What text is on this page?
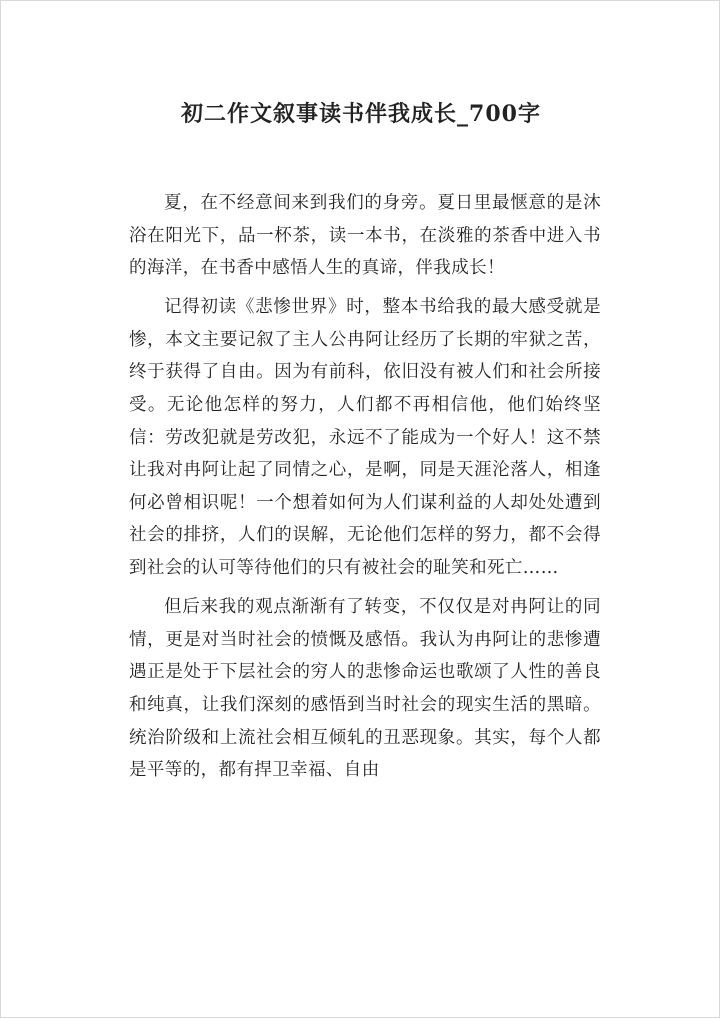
初二作文叙事读书伴我成长_700字

夏，在不经意间来到我们的身旁。夏日里最惬意的是沐浴在阳光下，品一杯茶，读一本书，在淡雅的茶香中进入书的海洋，在书香中感悟人生的真谛，伴我成长！

记得初读《悲惨世界》时，整本书给我的最大感受就是惨，本文主要记叙了主人公冉阿让经历了长期的牢狱之苦，终于获得了自由。因为有前科，依旧没有被人们和社会所接受。无论他怎样的努力，人们都不再相信他，他们始终坚信：劳改犯就是劳改犯，永远不了能成为一个好人！这不禁让我对冉阿让起了同情之心，是啊，同是天涯沦落人，相逢何必曾相识呢！一个想着如何为人们谋利益的人却处处遭到社会的排挤，人们的误解，无论他们怎样的努力，都不会得到社会的认可等待他们的只有被社会的耻笑和死亡……

但后来我的观点渐渐有了转变，不仅仅是对冉阿让的同情，更是对当时社会的愤慨及感悟。我认为冉阿让的悲惨遭遇正是处于下层社会的穷人的悲惨命运也歌颂了人性的善良和纯真，让我们深刻的感悟到当时社会的现实生活的黑暗。统治阶级和上流社会相互倾轧的丑恶现象。其实，每个人都是平等的，都有捍卫幸福、自由
